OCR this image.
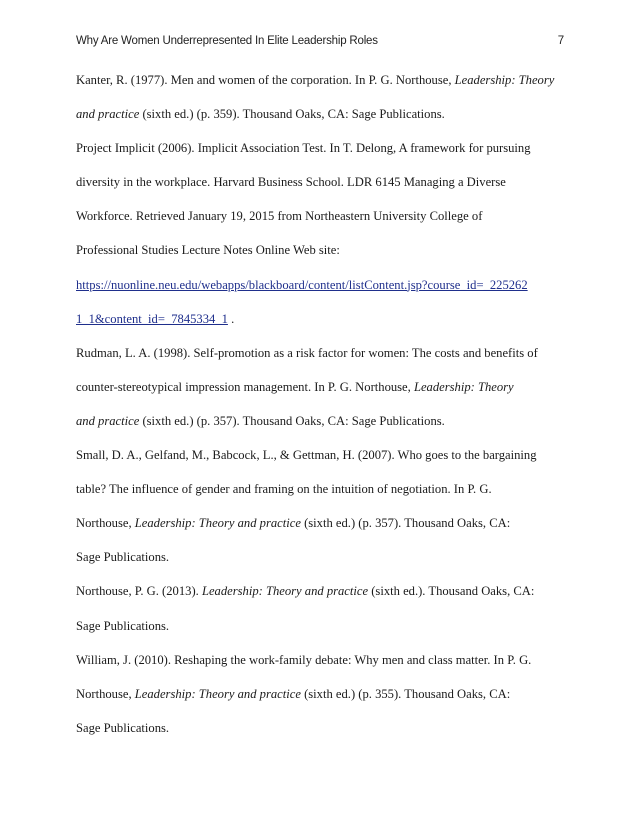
Why Are Women Underrepresented In Elite Leadership Roles	7

Kanter, R. (1977). Men and women of the corporation. In P. G. Northouse, Leadership: Theory
and practice (sixth ed.) (p. 359). Thousand Oaks, CA: Sage Publications.

Project Implicit (2006). Implicit Association Test. In T. Delong, A framework for pursuing
diversity in the workplace. Harvard Business School. LDR 6145 Managing a Diverse
Workforce. Retrieved January 19, 2015 from Northeastern University College of
Professional Studies Lecture Notes Online Web site:
https://nuonline.neu.edu/webapps/blackboard/content/listContent.jsp?course_id=_225262
1_1&content_id=_7845334_1 .

Rudman, L. A. (1998). Self-promotion as a risk factor for women: The costs and benefits of
counter-stereotypical impression management. In P. G. Northouse, Leadership: Theory
and practice (sixth ed.) (p. 357). Thousand Oaks, CA: Sage Publications.

Small, D. A., Gelfand, M., Babcock, L., & Gettman, H. (2007). Who goes to the bargaining
table? The influence of gender and framing on the intuition of negotiation. In P. G.
Northouse, Leadership: Theory and practice (sixth ed.) (p. 357). Thousand Oaks, CA:
Sage Publications.

Northouse, P. G. (2013). Leadership: Theory and practice (sixth ed.). Thousand Oaks, CA:
Sage Publications.

William, J. (2010). Reshaping the work-family debate: Why men and class matter. In P. G.
Northouse, Leadership: Theory and practice (sixth ed.) (p. 355). Thousand Oaks, CA:
Sage Publications.
